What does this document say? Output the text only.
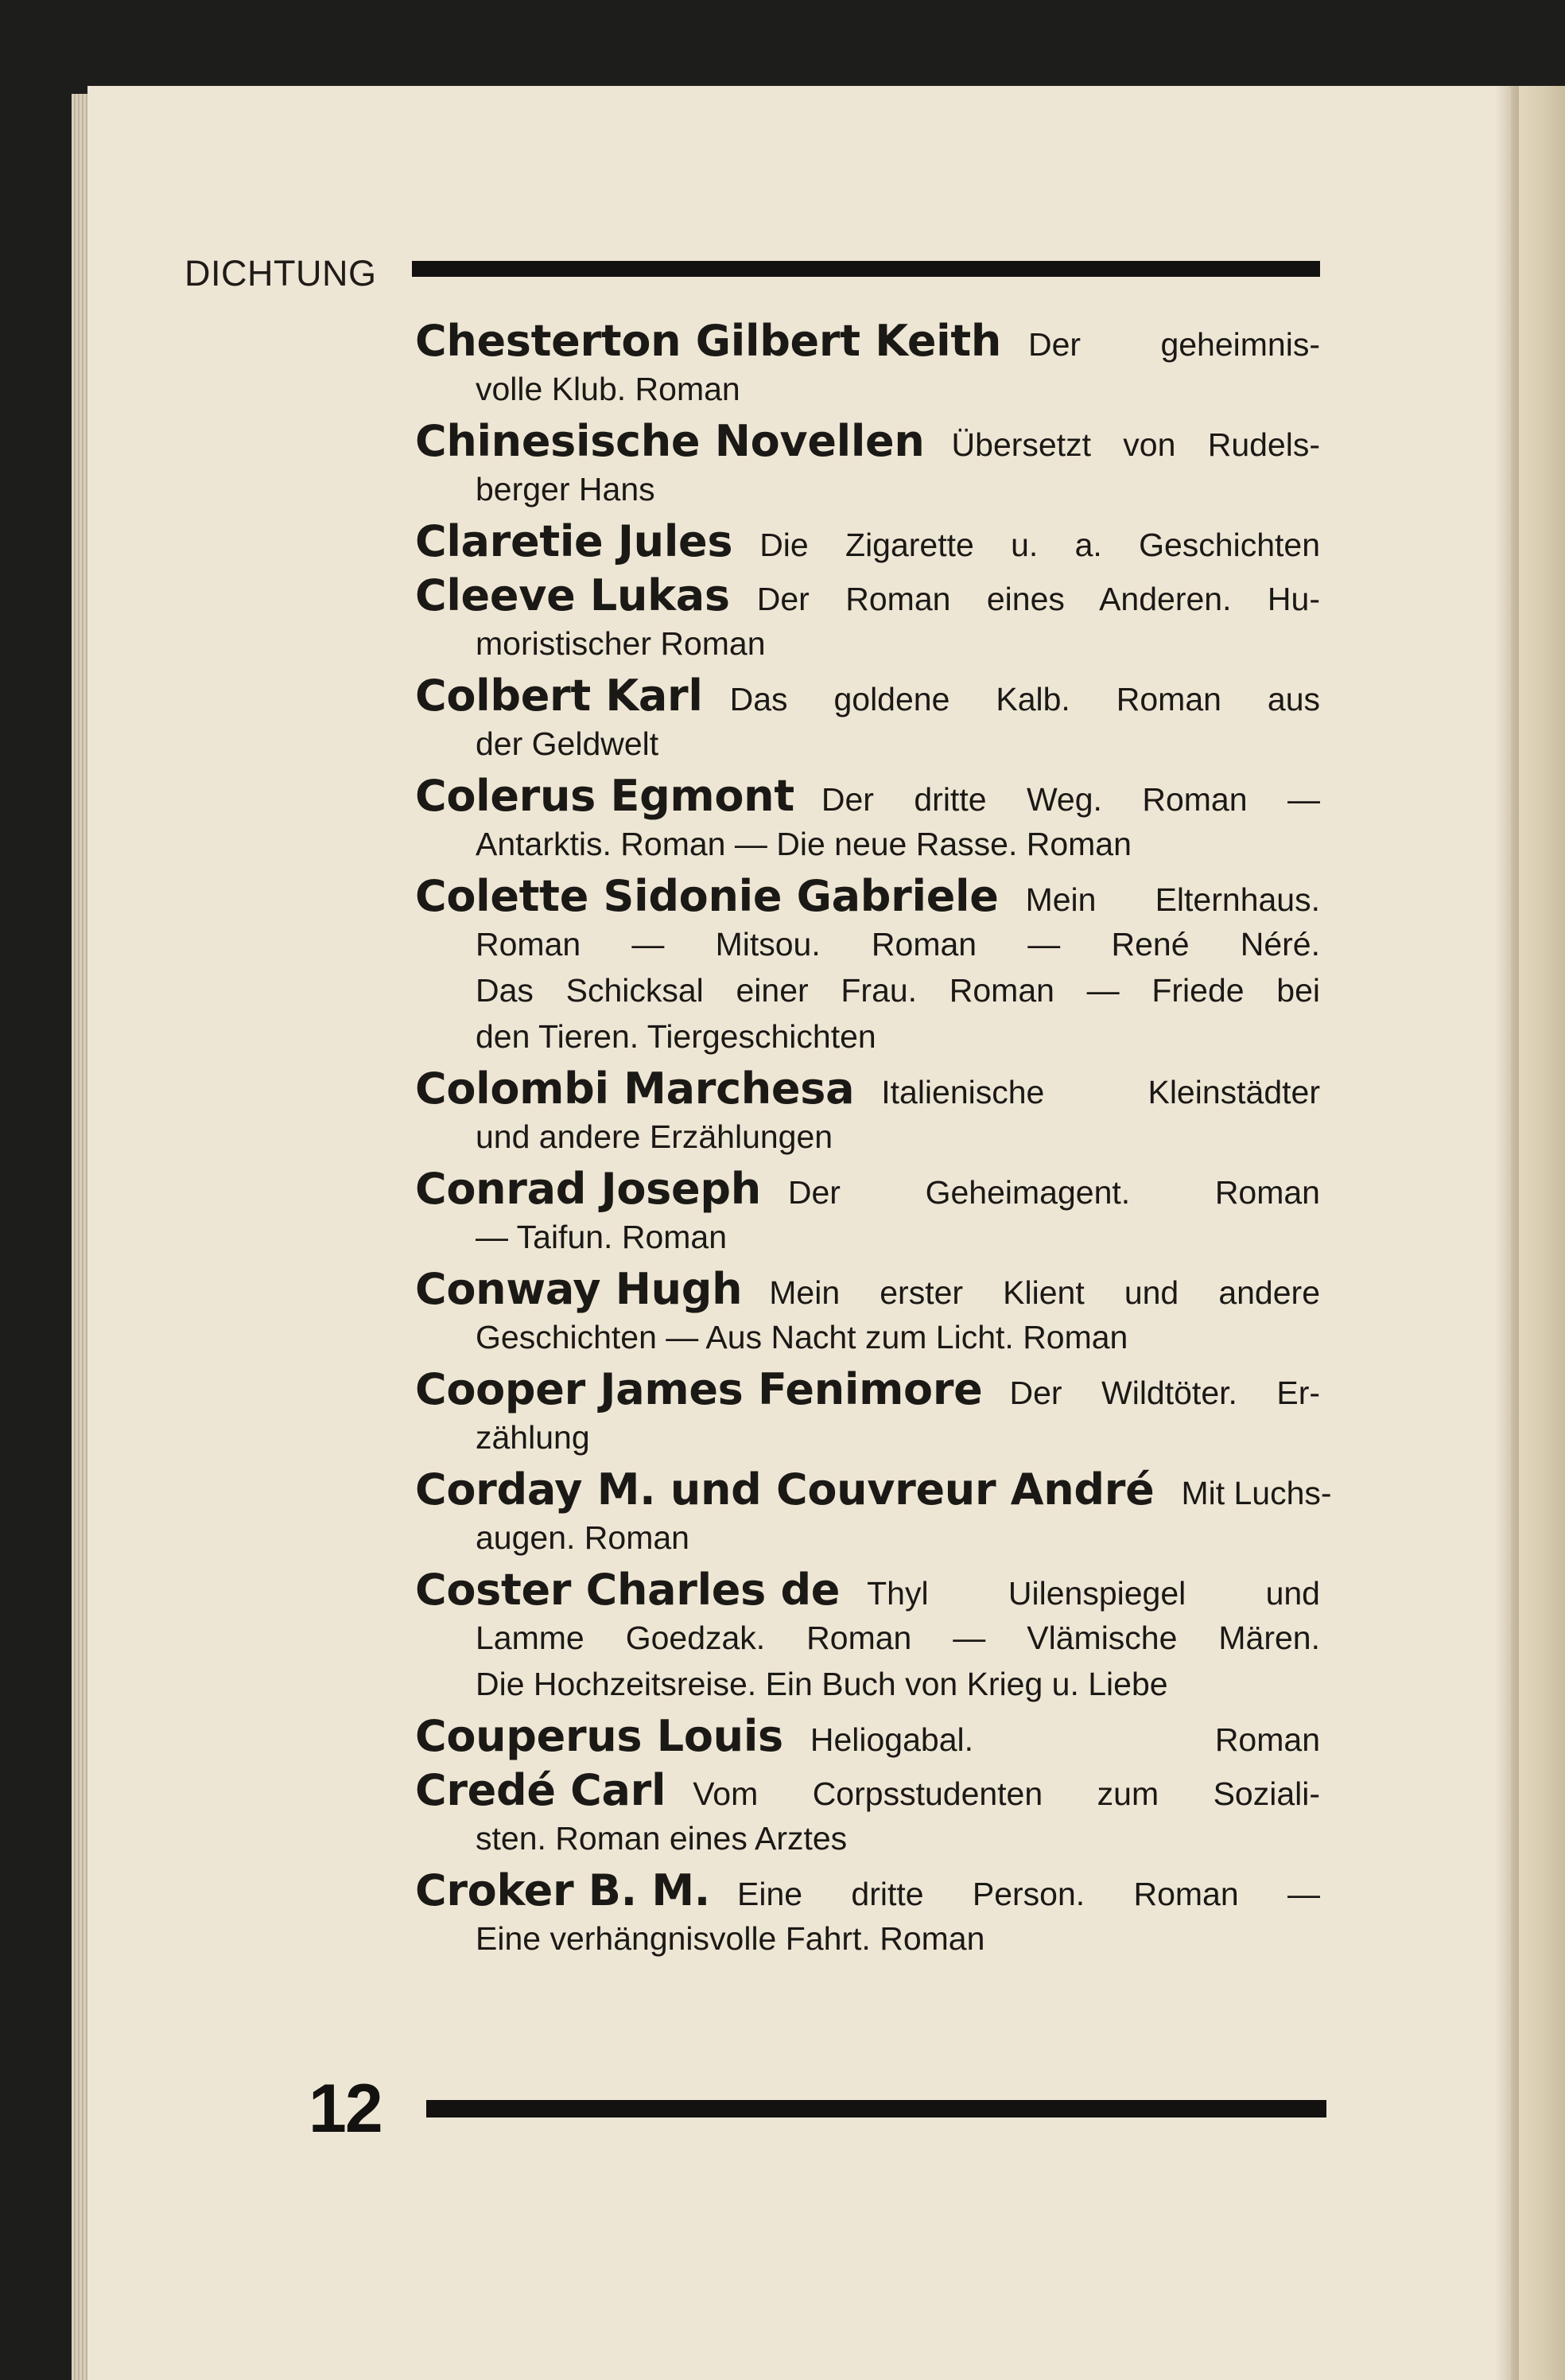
DICHTUNG
Chesterton Gilbert Keith Der geheimnis-
volle Klub. Roman
Chinesische Novellen Übersetzt von Rudels-
berger Hans
Claretie Jules Die Zigarette u. a. Geschichten
Cleeve Lukas Der Roman eines Anderen. Hu-
moristischer Roman
Colbert Karl Das goldene Kalb. Roman aus
der Geldwelt
Colerus Egmont Der dritte Weg. Roman —
Antarktis. Roman — Die neue Rasse. Roman
Colette Sidonie Gabriele Mein Elternhaus.
Roman — Mitsou. Roman — René Néré.
Das Schicksal einer Frau. Roman — Friede bei
den Tieren. Tiergeschichten
Colombi Marchesa Italienische Kleinstädter
und andere Erzählungen
Conrad Joseph Der Geheimagent. Roman
— Taifun. Roman
Conway Hugh Mein erster Klient und andere
Geschichten — Aus Nacht zum Licht. Roman
Cooper James Fenimore Der Wildtöter. Er-
zählung
Corday M. und Couvreur André Mit Luchs-
augen. Roman
Coster Charles de Thyl Uilenspiegel und
Lamme Goedzak. Roman — Vlämische Mären.
Die Hochzeitsreise. Ein Buch von Krieg u. Liebe
Couperus Louis Heliogabal. Roman
Credé Carl Vom Corpsstudenten zum Soziali-
sten. Roman eines Arztes
Croker B. M. Eine dritte Person. Roman —
Eine verhängnisvolle Fahrt. Roman
12
